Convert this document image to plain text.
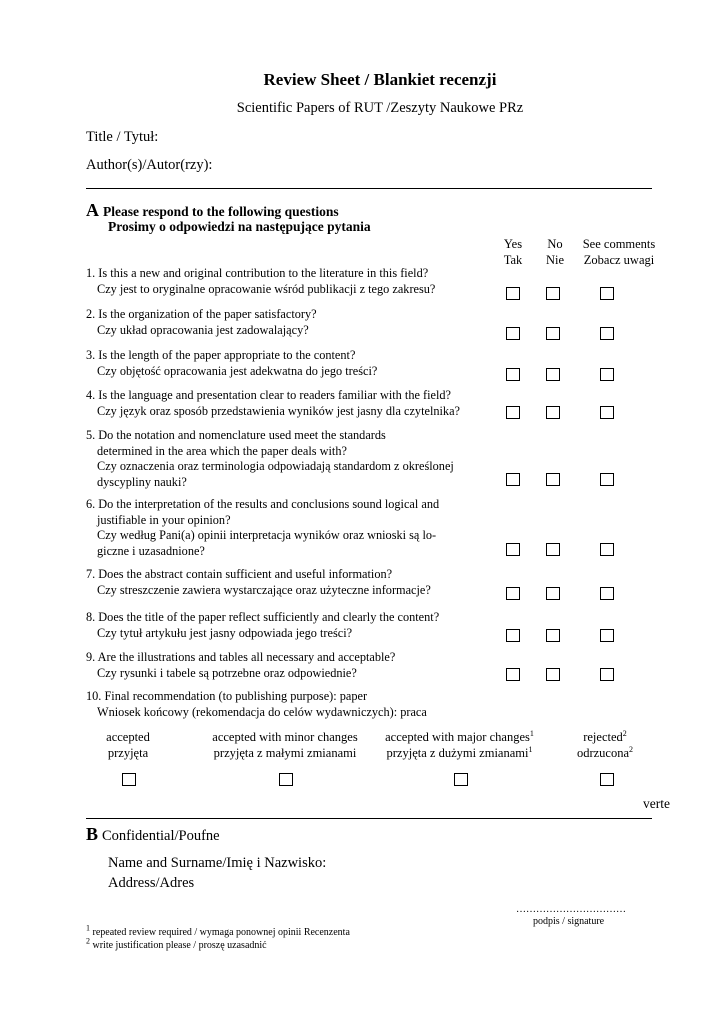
Review Sheet / Blankiet recenzji
Scientific Papers of RUT /Zeszyty Naukowe PRz
Title / Tytuł:
Author(s)/Autor(rzy):
A Please respond to the following questions
Prosimy o odpowiedzi na następujące pytania
Yes
Tak
No
Nie
See comments
Zobacz uwagi
1. Is this a new and original contribution to the literature in this field?
Czy jest to oryginalne opracowanie wśród publikacji z tego zakresu?
2. Is the organization of the paper satisfactory?
Czy układ opracowania jest zadowalający?
3. Is the length of the paper appropriate to the content?
Czy objętość opracowania jest adekwatna do jego treści?
4. Is the language and presentation clear to readers familiar with the field?
Czy język oraz sposób przedstawienia wyników jest jasny dla czytelnika?
5. Do the notation and nomenclature used meet the standards
determined in the area which the paper deals with?
Czy oznaczenia oraz terminologia odpowiadają standardom z określonej
dyscypliny nauki?
6. Do the interpretation of the results and conclusions sound logical and
justifiable in your opinion?
Czy według Pani(a) opinii interpretacja wyników oraz wnioski są lo-
giczne i uzasadnione?
7. Does the abstract contain sufficient and useful information?
Czy streszczenie zawiera wystarczające oraz użyteczne informacje?
8. Does the title of the paper reflect sufficiently and clearly the content?
Czy tytuł artykułu jest jasny odpowiada jego treści?
9. Are the illustrations and tables all necessary and acceptable?
Czy rysunki i tabele są potrzebne oraz odpowiednie?
10. Final recommendation (to publishing purpose): paper
Wniosek końcowy (rekomendacja do celów wydawniczych): praca
accepted
przyjęta
accepted with minor changes
przyjęta z małymi zmianami
accepted with major changes$^1$
przyjęta z dużymi zmianami$^1$
rejected$^2$
odrzucona$^2$
verte
B Confidential/Poufne
Name and Surname/Imię i Nazwisko:
Address/Adres
……………………………
podpis / signature
$^1$ repeated review required / wymaga ponownej opinii Recenzenta
$^2$ write justification please / proszę uzasadnić
